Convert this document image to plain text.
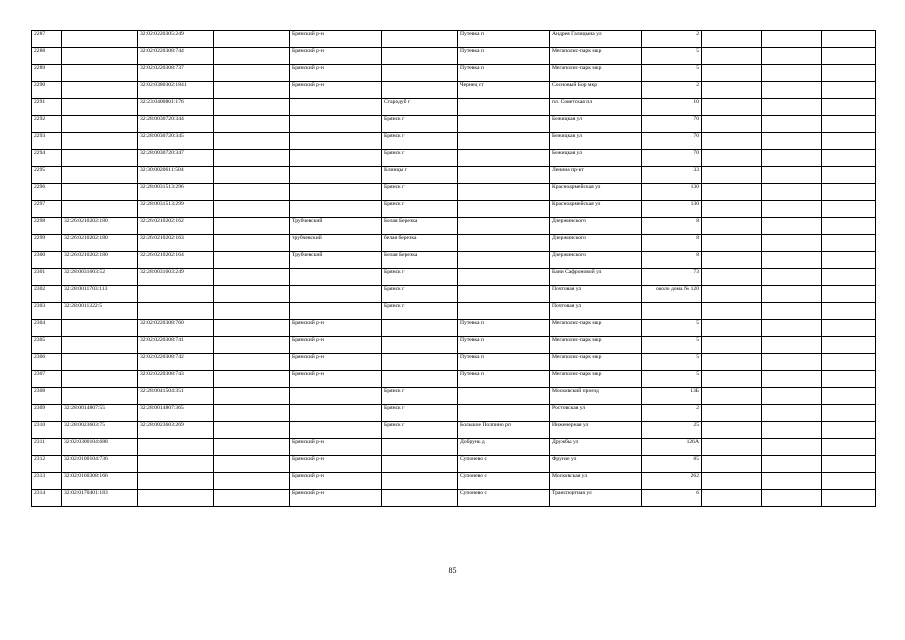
2287		32:02:0220305:249		Брянский р-н		Путевка п	Андрея Галицына ул	2			
2288		32:02:0220308:744		Брянский р-н		Путевка п	Мегаполис-парк мкр	5			
2289		32:02:0220308:737		Брянский р-н		Путевка п	Мегаполис-парк мкр	5			
2290		32:02:0380302:1841		Брянский р-н		Чернец ст	Сосновый Бор мкр	2			
2291		32:23:0400801:176			Стародуб г		пл. Советская пл	10			
2292		32:28:0030720:344			Брянск г		Бежицкая ул	70			
2293		32:28:0030720:345			Брянск г		Бежицкая ул	70			
2294		32:28:0030720:347			Брянск г		Бежицкая ул	70			
2295		32:30:0020611:504			Клинцы г		Ленина пр-кт	33			
2296		32:28:0031513:296			Брянск г		Красноармейская ул	130			
2297		32:28:0031513:299			Брянск г		Красноармейская ул	130			
2298	32:26:0210202:180	32:26:0210202:162		Трубчевский	Белая Березка		Дзержинского	8			
2299	32:26:0210202:180	32:26:0210202:163		трубчевский	белая березка		Дзержинского	8			
2300	32:26:0210202:180	32:26:0210202:164		Трубчевский	Белая Березка		Дзержинского	8			
2301	32:28:0031603:52	32:28:0031603:249			Брянск г		Бани Сафроновой ул	73			
2302	32:28:0011703:113				Брянск г		Почтовая ул	около дома № 120			
2303	32:28:0011322:5				Брянск г		Почтовая ул				
2304		32:02:0220308:760		Брянский р-н		Путевка п	Мегаполис-парк мкр	5			
2305		32:02:0220308:741		Брянский р-н		Путевка п	Мегаполис-парк мкр	5			
2306		32:02:0220308:742		Брянский р-н		Путевка п	Мегаполис-парк мкр	5			
2307		32:02:0220308:743		Брянский р-н		Путевка п	Мегаполис-парк мкр	5			
2308		32:28:0041504:351			Брянск г		Московский проезд	13Б			
2309	32:28:0014807:55	32:28:0014807:365			Брянск г		Ростовская ул	2			
2310	32:28:0023603:75	32:28:0023603:269			Брянск г	Большое Полпино рп	Инженерная ул	25			
2311	32:02:0300104:688			Брянский р-н		Добрунь д	Дружбы ул	126А			
2312	32:02:0100104:736			Брянский р-н		Супонево с	Фрунзе ул	85			
2313	32:02:0160308:166			Брянский р-н		Супонево с	Московская ул	262			
2314	32:02:0170401:183			Брянский р-н		Супонево с	Транспортная ул	6			
85
